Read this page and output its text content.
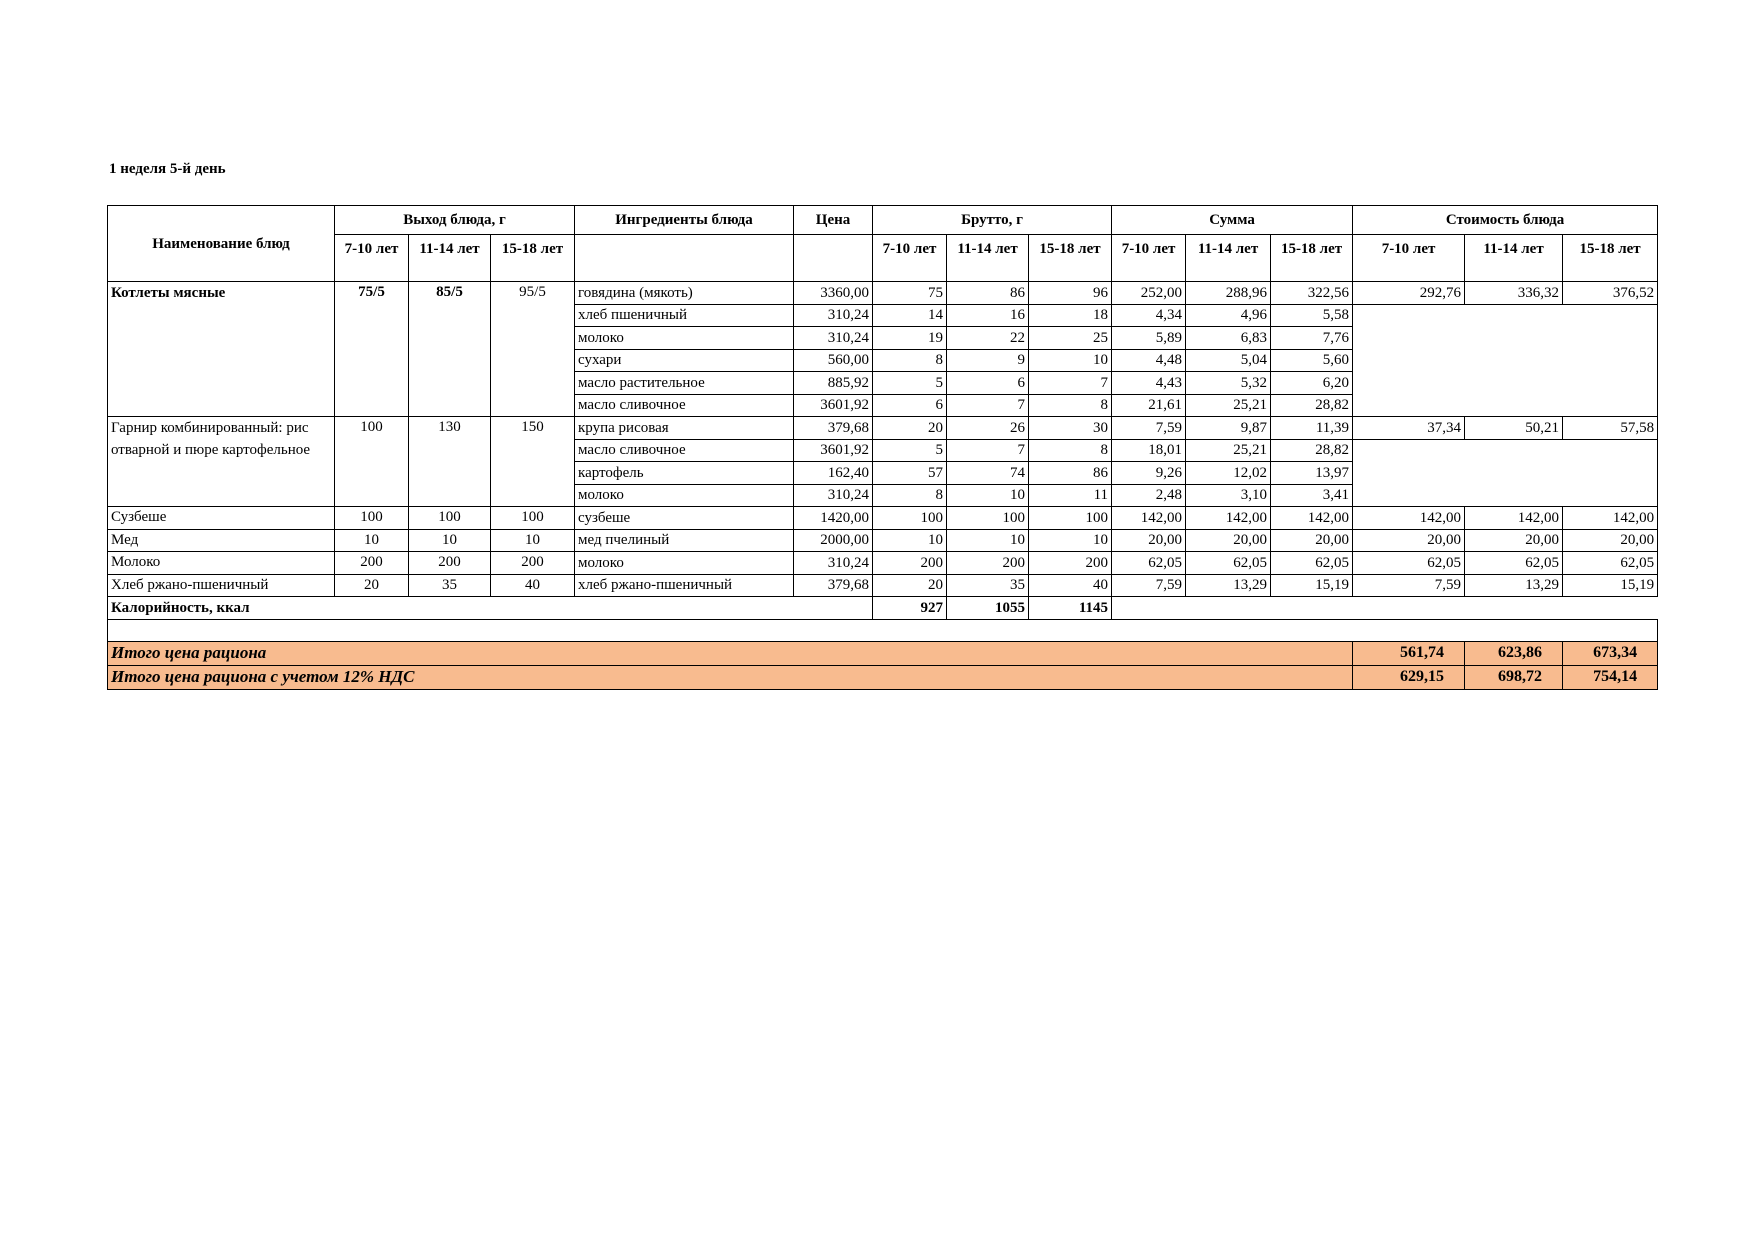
1 неделя 5-й день
Наименование блюд	Выход блюда, г			Ингредиенты блюда	Цена	Брутто, г			Сумма			Стоимость блюда		
	7-10 лет	11-14 лет	15-18 лет			7-10 лет	11-14 лет	15-18 лет	7-10 лет	11-14 лет	15-18 лет	7-10 лет	11-14 лет	15-18 лет
Котлеты мясные	75/5	85/5	95/5	говядина (мякоть)	3360,00	75	86	96	252,00	288,96	322,56	292,76	336,32	376,52
				хлеб пшеничный	310,24	14	16	18	4,34	4,96	5,58			
				молоко	310,24	19	22	25	5,89	6,83	7,76			
				сухари	560,00	8	9	10	4,48	5,04	5,60			
				масло растительное	885,92	5	6	7	4,43	5,32	6,20			
				масло сливочное	3601,92	6	7	8	21,61	25,21	28,82			
Гарнир комбинированный: рис отварной и пюре картофельное	100	130	150	крупа рисовая	379,68	20	26	30	7,59	9,87	11,39	37,34	50,21	57,58
				масло сливочное	3601,92	5	7	8	18,01	25,21	28,82			
				картофель	162,40	57	74	86	9,26	12,02	13,97			
				молоко	310,24	8	10	11	2,48	3,10	3,41			
Сузбеше	100	100	100	сузбеше	1420,00	100	100	100	142,00	142,00	142,00	142,00	142,00	142,00
Мед	10	10	10	мед пчелиный	2000,00	10	10	10	20,00	20,00	20,00	20,00	20,00	20,00
Молоко	200	200	200	молоко	310,24	200	200	200	62,05	62,05	62,05	62,05	62,05	62,05
Хлеб ржано-пшеничный	20	35	40	хлеб ржано-пшеничный	379,68	20	35	40	7,59	13,29	15,19	7,59	13,29	15,19
Калорийность, ккал						927	1055	1145						

Итого цена рациона												561,74	623,86	673,34
Итого цена рациона с учетом 12% НДС												629,15	698,72	754,14
